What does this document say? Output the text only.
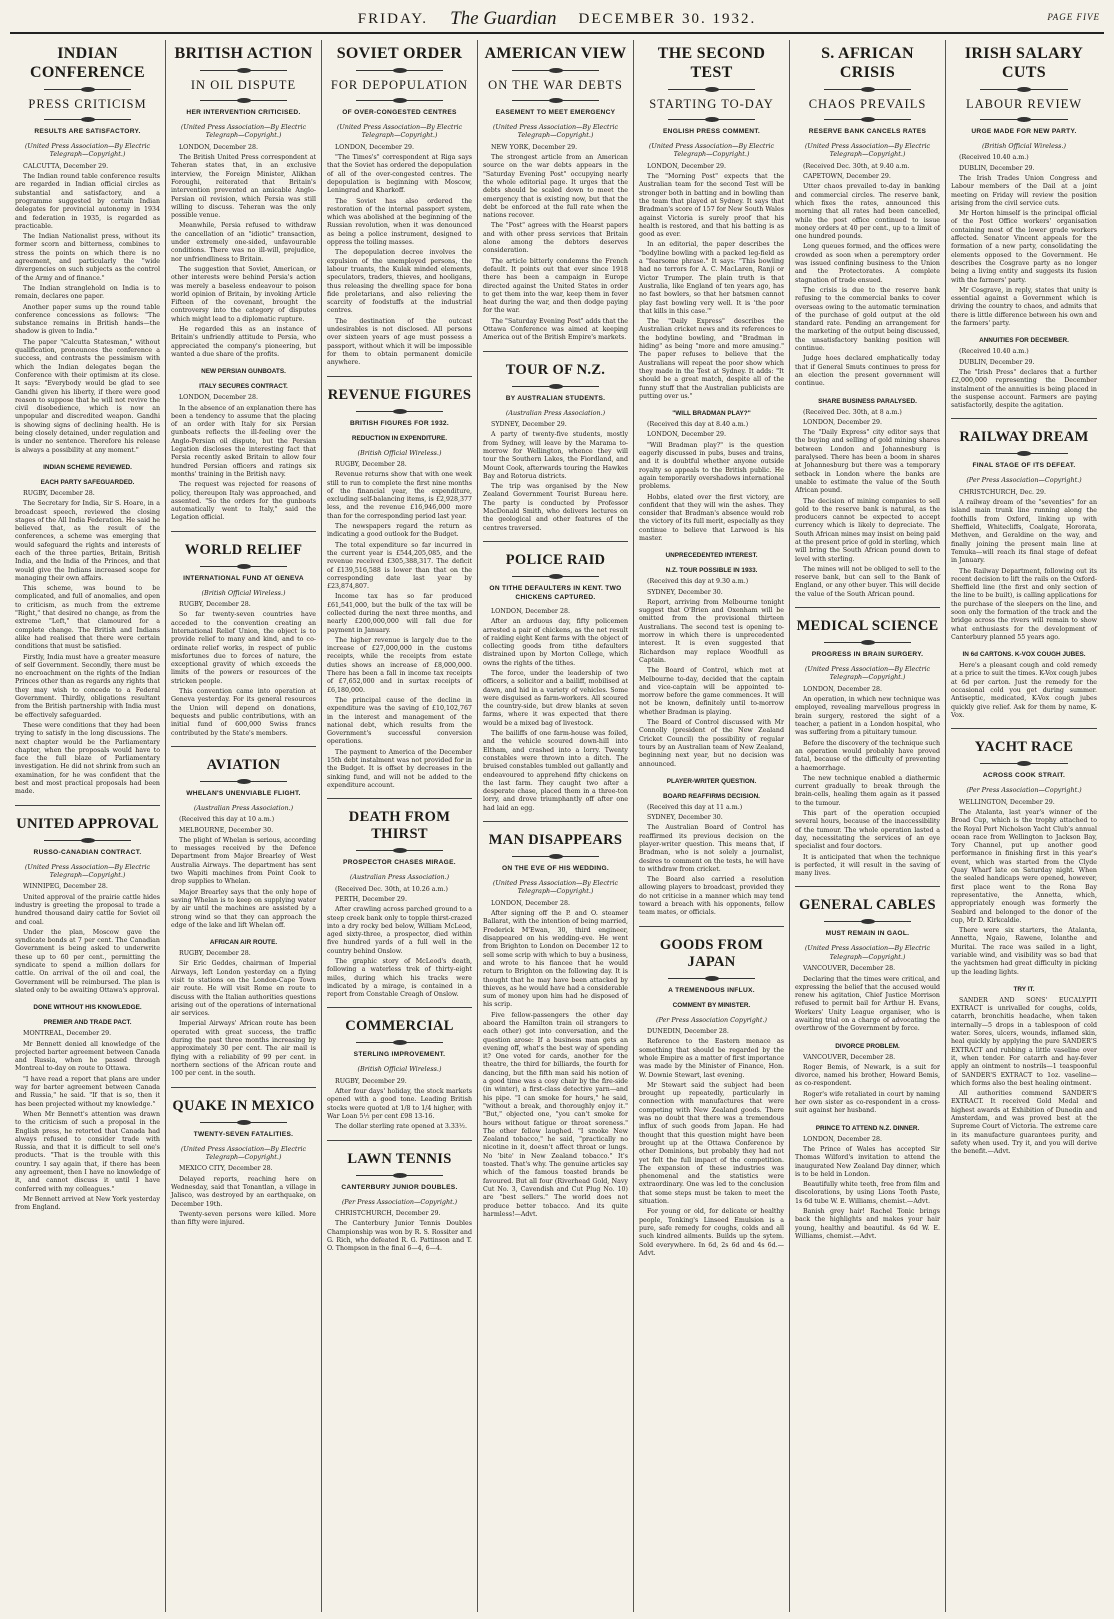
FRIDAY. The Guardian DECEMBER 30. 1932.	PAGE FIVE
INDIAN CONFERENCE
PRESS CRITICISM
RESULTS ARE SATISFACTORY.
(United Press Association—By Electric Telegraph—Copyright.)

CALCUTTA, December 29.

The Indian round table conference results are regarded in Indian official circles as substantial and satisfactory, and a programme suggested by certain Indian delegates for provincial autonomy in 1934 and federation in 1935, is regarded as practicable.

The Indian Nationalist press, without its former scorn and bitterness, combines to stress the points on which there is no agreement, and particularly the "wide divergencies on such subjects as the control of the Army and of finance."

The Indian stranglehold on India is to remain, declares one paper.

Another paper sums up the round table conference concessions as follows: "The substance remains in British hands—the shadow is given to India."

The paper "Calcutta Statesman," without qualification, pronounces the conference a success, and contrasts the pessimism with which the Indian delegates began the Conference with their optimism at its close. It says: "Everybody would be glad to see Gandhi given his liberty, if there were good reason to suppose that he will not revive the civil disobedience, which is now an unpopular and discredited weapon. Gandhi is showing signs of declining health. He is being closely detained, under regulation and is under no sentence. Therefore his release is always a possibility at any moment."

INDIAN SCHEME REVIEWED.
EACH PARTY SAFEGUARDED.

RUGBY, December 28.

The Secretary for India, Sir S. Hoare, in a broadcast speech, reviewed the closing stages of the All India Federation. He said he believed that, as the result of the conferences, a scheme was emerging that would safeguard the rights and interests of each of the three parties, Britain, British India, and the India of the Princes, and that would give the Indians increased scope for managing their own affairs.

This scheme, was bound to be complicated, and full of anomalies, and open to criticism, as much from the extreme "Right," that desired no change, as from the extreme "Left," that clamoured for a complete change. The British and Indians alike had realised that there were certain conditions that must be satisfied.

Firstly, India must have a greater measure of self Government. Secondly, there must be no encroachment on the rights of the Indian Princes other than as regards any rights that they may wish to concede to a Federal Government. Thirdly, obligations resultant from the British partnership with India must be effectively safeguarded.

These were conditions that they had been trying to satisfy in the long discussions. The next chapter would be the Parliamentary chapter, when the proposals would have to face the full blaze of Parliamentary investigation. He did not shrink from such an examination, for he was confident that the best and most practical proposals had been made.

UNITED APPROVAL
RUSSO-CANADIAN CONTRACT.
(United Press Association—By Electric Telegraph—Copyright.)

WINNIPEG, December 28.

United approval of the prairie cattle hides industry is greeting the proposal to trade a hundred thousand dairy cattle for Soviet oil and coal.

Under the plan, Moscow gave the syndicate bonds at 7 per cent. The Canadian Government is being asked to underwrite these up to 60 per cent., permitting the syndicate to spend a million dollars for cattle. On arrival of the oil and coal, the Government will be reimbursed. The plan is slated only to be awaiting Ottawa's approval.

DONE WITHOUT HIS KNOWLEDGE.
PREMIER AND TRADE PACT.

MONTREAL, December 29.

Mr Bennett denied all knowledge of the projected barter agreement between Canada and Russia, when he passed through Montreal to-day on route to Ottawa.

"I have read a report that plans are under way for barter agreement between Canada and Russia," he said. "If that is so, then it has been projected without my knowledge."

When Mr Bennett's attention was drawn to the criticism of such a proposal in the English press, he retorted that Canada had always refused to consider trade with Russia, and that it is difficult to sell one's products. "That is the trouble with this country. I say again that, if there has been any agreement, then I have no knowledge of it, and cannot discuss it until I have conferred with my colleagues."

Mr Bennett arrived at New York yesterday from England.

BRITISH ACTION
IN OIL DISPUTE
HER INTERVENTION CRITICISED.
(United Press Association—By Electric Telegraph—Copyright.)

LONDON, December 28.

The British United Press correspondent at Teheran states that, in an exclusive interview, the Foreign Minister, Alikhan Foroughi, reiterated that Britain's intervention prevented an amicable Anglo-Persian oil revision, which Persia was still willing to discuss. Teheran was the only possible venue.

Meanwhile, Persia refused to withdraw the cancellation of an "idiotic" transaction, under extremely one-sided, unfavourable conditions. There was no ill-will, prejudice, nor unfriendliness to Britain.

The suggestion that Soviet, American, or other interests were behind Persia's action was merely a baseless endeavour to poison world opinion of Britain, by invoking Article Fifteen of the covenant, brought the controversy into the category of disputes which might lead to a diplomatic rupture.

He regarded this as an instance of Britain's unfriendly attitude to Persia, who appreciated the company's pioneering, but wanted a due share of the profits.

NEW PERSIAN GUNBOATS.
ITALY SECURES CONTRACT.

LONDON, December 28.

In the absence of an explanation there has been a tendency to assume that the placing of an order with Italy for six Persian gunboats reflects the ill-feeling over the Anglo-Persian oil dispute, but the Persian Legation discloses the interesting fact that Persia recently asked Britain to allow four hundred Persian officers and ratings six months' training in the British navy.

The request was rejected for reasons of policy, thereupon Italy was approached, and assented. "So the orders for the gunboats automatically went to Italy," said the Legation official.

WORLD RELIEF
INTERNATIONAL FUND AT GENEVA
(British Official Wireless.)

RUGBY, December 28.

So far twenty-seven countries have acceded to the convention creating an International Relief Union, the object is to provide relief to many and kind, and to co-ordinate relief works, in respect of public misfortunes due to forces of nature, the exceptional gravity of which exceeds the limits of the powers or resources of the stricken people.

This convention came into operation at Geneva yesterday. For its general resources the Union will depend on donations, bequests and public contributions, with an initial fund of 600,000 Swiss francs contributed by the State's members.

AVIATION
WHELAN'S UNENVIABLE FLIGHT.
(Australian Press Association.)

(Received this day at 10 a.m.)

MELBOURNE, December 30.

The plight of Whelan is serious, according to messages received by the Defence Department from Major Brearley of West Australia Airways. The department has sent two Wapiti machines from Point Cook to drop supplies to Whelan.

Major Brearley says that the only hope of saving Whelan is to keep on supplying water by air until the machines are assisted by a strong wind so that they can approach the edge of the lake and lift Whelan off.

AFRICAN AIR ROUTE.

RUGBY, December 28.

Sir Eric Geddes, chairman of Imperial Airways, left London yesterday on a flying visit to stations on the London-Cape Town air route. He will visit Rome en route to discuss with the Italian authorities questions arising out of the operations of international air services.

Imperial Airways' African route has been operated with great success, the traffic during the past three months increasing by approximately 30 per cent. The air mail is flying with a reliability of 99 per cent. in northern sections of the African route and 100 per cent. in the south.

QUAKE IN MEXICO
TWENTY-SEVEN FATALITIES.
(United Press Association—By Electric Telegraph—Copyright.)

MEXICO CITY, December 28.

Delayed reports, reaching here on Wednesday, said that Tonantlan, a village in Jalisco, was destroyed by an earthquake, on December 19th.

Twenty-seven persons were killed. More than fifty were injured.

SOVIET ORDER
FOR DEPOPULATION
OF OVER-CONGESTED CENTRES
(United Press Association—By Electric Telegraph—Copyright.)

LONDON, December 29.

"The Times's" correspondent at Riga says that the Soviet has ordered the depopulation of all of the over-congested centres. The depopulation is beginning with Moscow, Leningrad and Kharkoff.

The Soviet has also ordered the restoration of the internal passport system, which was abolished at the beginning of the Russian revolution, when it was denounced as being a police instrument, designed to oppress the toiling masses.

The depopulation decree involves the expulsion of the unemployed persons, the labour truants, the Kulak minded elements, speculators, traders, thieves, and hooligans, thus releasing the dwelling space for bona fide proletarians, and also relieving the scarcity of foodstuffs at the industrial centres.

The destination of the outcast undesirables is not disclosed. All persons over sixteen years of age must possess a passport, without which it will be impossible for them to obtain permanent domicile anywhere.

REVENUE FIGURES
BRITISH FIGURES FOR 1932.
REDUCTION IN EXPENDITURE.
(British Official Wireless.)

RUGBY, December 28.

Revenue returns show that with one week still to run to complete the first nine months of the financial year, the expenditure, excluding self-balancing items, is £2,928,377 less, and the revenue £16,946,000 more than for the corresponding period last year.

The newspapers regard the return as indicating a good outlook for the Budget.

The total expenditure so far incurred in the current year is £544,205,085, and the revenue received £305,388,317. The deficit of £139,516,588 is lower than that on the corresponding date last year by £23,874,807.

Income tax has so far produced £61,541,000, but the bulk of the tax will be collected during the next three months, and nearly £200,000,000 will fall due for payment in January.

The higher revenue is largely due to the increase of £27,000,000 in the customs receipts, while the receipts from estate duties shows an increase of £8,000,000. There has been a fall in income tax receipts of £7,652,000 and in surtax receipts of £6,180,000.

The principal cause of the decline in expenditure was the saving of £10,102,767 in the interest and management of the national debt, which results from the Government's successful conversion operations.

The payment to America of the December 15th debt instalment was not provided for in the Budget. It is offset by decreases in the sinking fund, and will not be added to the expenditure account.

DEATH FROM THIRST
PROSPECTOR CHASES MIRAGE.
(Australian Press Association.)

(Received Dec. 30th, at 10.26 a.m.)

PERTH, December 29.

After crawling across parched ground to a steep creek bank only to topple thirst-crazed into a dry rocky bed below, William McLeod, aged sixty-three, a prospector, died within five hundred yards of a full well in the country behind Onslow.

The graphic story of McLeod's death, following a waterless trek of thirty-eight miles, during which his tracks were indicated by a mirage, is contained in a report from Constable Creagh of Onslow.

COMMERCIAL
STERLING IMPROVEMENT.
(British Official Wireless.)

RUGBY, December 29.

After four days' holiday, the stock markets opened with a good tone. Leading British stocks were quoted at 1/8 to 1/4 higher, with War Loan 5½ per cent £98 13-16.

The dollar sterling rate opened at 3.33½.

LAWN TENNIS
CANTERBURY JUNIOR DOUBLES.
(Per Press Association—Copyright.)

CHRISTCHURCH, December 29.

The Canterbury Junior Tennis Doubles Championship was won by R. S. Rossiter and G. Rich, who defeated R. G. Pattinson and T. O. Thompson in the final 6—4, 6—4.

AMERICAN VIEW
ON THE WAR DEBTS
EASEMENT TO MEET EMERGENCY
(United Press Association—By Electric Telegraph—Copyright.)

NEW YORK, December 29.

The strongest article from an American source on the war debts appears in the "Saturday Evening Post" occupying nearly the whole editorial page. It urges that the debts should be scaled down to meet the emergency that is existing now, but that the debt be enforced at the full rate when the nations recover.

The "Post" agrees with the Hearst papers and with other press services that Britain alone among the debtors deserves consideration.

The article bitterly condemns the French default. It points out that ever since 1918 there has been a campaign in Europe directed against the United States in order to get them into the war, keep them in fever heat during the war, and then dodge paying for the war.

The "Saturday Evening Post" adds that the Ottawa Conference was aimed at keeping America out of the British Empire's markets.

TOUR OF N.Z.
BY AUSTRALIAN STUDENTS.
(Australian Press Association.)

SYDNEY, December 29.

A party of twenty-five students, mostly from Sydney, will leave by the Marama to-morrow for Wellington, whence they will tour the Southern Lakes, the Fiordland, and Mount Cook, afterwards touring the Hawkes Bay and Rotorua districts.

The trip was organised by the New Zealand Government Tourist Bureau here. The party is conducted by Professor MacDonald Smith, who delivers lectures on the geological and other features of the centres traversed.

POLICE RAID
ON TITHE DEFAULTERS IN KENT. TWO CHICKENS CAPTURED.

LONDON, December 28.

After an arduous day, fifty policemen arrested a pair of chickens, as the net result of raiding eight Kent farms with the object of collecting goods from tithe defaulters distrained upon by Morton College, which owns the rights of the tithes.

The force, under the leadership of two officers, a solicitor and a bailiff, mobilised at dawn, and hid in a variety of vehicles. Some were disguised as farm-workers. All scoured the country-side, but drew blanks at seven farms, where it was expected that there would be a mixed bag of livestock.

The bailiffs of one farm-house was foiled, and the vehicle scoured down-hill into Eltham, and crashed into a lorry. Twenty constables were thrown into a ditch. The bruised constables tumbled out gallantly and endeavoured to apprehend fifty chickens on the last farm. They caught two after a desperate chase, placed them in a three-ton lorry, and drove triumphantly off after one had laid an egg.

MAN DISAPPEARS
ON THE EVE OF HIS WEDDING.
(United Press Association—By Electric Telegraph—Copyright.)

LONDON, December 28.

After signing off the P. and O. steamer Ballarat, with the intention of being married, Frederick M'Ewan, 30, third engineer, disappeared on his wedding-eve. He went from Brighton to London on December 12 to sell some scrip with which to buy a business, and wrote to his fiancee that he would return to Brighton on the following day. It is thought that he may have been attacked by thieves, as he would have had a considerable sum of money upon him had he disposed of his scrip.

Five fellow-passengers the other day aboard the Hamilton train oil strangers to each other) got into conversation, and the question arose: If a business man gets an evening off, what's the best way of spending it? One voted for cards, another for the theatre, the third for billiards, the fourth for dancing, but the fifth man said his notion of a good time was a cosy chair by the fire-side (in winter), a first-class detective yarn—and his pipe. "I can smoke for hours," he said, "without a break, and thoroughly enjoy it." "But," objected one, "you can't smoke for hours without fatigue or throat soreness." The other fellow laughed. "I smoke New Zealand tobacco," he said, "practically no nicotine in it, doesn't affect throat or lungs. No 'bite' in New Zealand tobacco." It's toasted. That's why. The genuine articles say which of the famous toasted brands be favoured. But all four (Riverhead Gold, Navy Cut No. 3, Cavendish and Cut Plug No. 10) are "best sellers." The world does not produce better tobacco. And its quite harmless!—Advt.

THE SECOND TEST
STARTING TO-DAY
ENGLISH PRESS COMMENT.
(United Press Association—By Electric Telegraph—Copyright.)

LONDON, December 29.

The "Morning Post" expects that the Australian team for the second Test will be stronger both in batting and in bowling than the team that played at Sydney. It says that Bradman's score of 157 for New South Wales against Victoria is surely proof that his health is restored, and that his batting is as good as ever.

In an editorial, the paper describes the "bodyline bowling with a packed leg-field as a "fearsome phrase." It says: "This bowling had no terrors for A. C. MacLaren, Ranji or Victor Trumper. The plain truth is that Australia, like England of ten years ago, has no fast bowlers, so that her batsmen cannot play fast bowling very well. It is 'the poor that kills in this case.'"

The "Daily Express" describes the Australian cricket news and its references to the bodyline bowling, and "Bradman in hiding" as being "more and more amusing." The paper refuses to believe that the Australians will repeat the poor show which they made in the Test at Sydney. It adds: "It should be a great match, despite all of the funny stuff that the Australian publicists are putting over us."

"WILL BRADMAN PLAY?"

(Received this day at 8.40 a.m.)

LONDON, December 29.

"Will Bradman play?" is the question eagerly discussed in pubs, buses and trains, and it is doubtful whether anyone outside royalty so appeals to the British public. He again temporarily overshadows international problems.

Hobbs, elated over the first victory, are confident that they will win the ashes. They consider that Bradman's absence would rob the victory of its full merit, especially as they continue to believe that Larwood is his master.

UNPRECEDENTED INTEREST.
N.Z. TOUR POSSIBLE IN 1933.

(Received this day at 9.30 a.m.)

SYDNEY, December 30.

Report, arriving from Melbourne tonight suggest that O'Brien and Oxenham will be omitted from the provisional thirteen Australians. The second test is opening to-morrow in which there is unprecedented interest. It is even suggested that Richardson may replace Woodfull as Captain.

The Board of Control, which met at Melbourne to-day, decided that the captain and vice-captain will be appointed to-morrow before the game commences. It will not be known, definitely until to-morrow whether Bradman is playing.

The Board of Control discussed with Mr Connolly (president of the New Zealand Cricket Council) the possibility of regular tours by an Australian team of New Zealand, beginning next year, but no decision was announced.

PLAYER-WRITER QUESTION.
BOARD REAFFIRMS DECISION.

(Received this day at 11 a.m.)

SYDNEY, December 30.

The Australian Board of Control has reaffirmed its previous decision on the player-writer question. This means that, if Bradman, who is not solely a journalist, desires to comment on the tests, he will have to withdraw from cricket.

The Board also carried a resolution allowing players to broadcast, provided they do not criticise in a manner which may tend toward a breach with his opponents, fellow team mates, or officials.

GOODS FROM JAPAN
A TREMENDOUS INFLUX.
COMMENT BY MINISTER.
(Per Press Association Copyright.)

DUNEDIN, December 28.

Reference to the Eastern menace as something that should be regarded by the whole Empire as a matter of first importance was made by the Minister of Finance, Hon. W. Downie Stewart, last evening.

Mr Stewart said the subject had been brought up repeatedly, particularly in connection with manufactures that were competing with New Zealand goods. There was no doubt that there was a tremendous influx of such goods from Japan. He had thought that this question might have been brought up at the Ottawa Conference by other Dominions, but probably they had not yet felt the full impact of the competition. The expansion of these industries was phenomenal and the statistics were extraordinary. One was led to the conclusion that some steps must be taken to meet the situation.

For young or old, for delicate or healthy people, Tonking's Linseed Emulsion is a pure, safe remedy for coughs, colds and all such kindred ailments. Builds up the sytem. Sold everywhere. In 6d, 2s 6d and 4s 6d.—Advt.

S. AFRICAN CRISIS
CHAOS PREVAILS
RESERVE BANK CANCELS RATES
(United Press Association—By Electric Telegraph—Copyright.)

(Received Dec. 30th, at 9.40 a.m.

CAPETOWN, December 29.

Utter chaos prevailed to-day in banking and commercial circles. The reserve bank, which fixes the rates, announced this morning that all rates had been cancelled, while the post office continued to issue money orders at 40 per cent., up to a limit of one hundred pounds.

Long queues formed, and the offices were crowded as soon when a peremptory order was issued confining business to the Union and the Protectorates. A complete stagnation of trade ensued.

The crisis is due to the reserve bank refusing to the commercial banks to cover overseas owing to the automatic termination of the purchase of gold output at the old standard rate. Pending an arrangement for the marketing of the output being discussed, the unsatisfactory banking position will continue.

Judge hoes declared emphatically today that if General Smuts continues to press for an election the present government will continue.

SHARE BUSINESS PARALYSED.

(Received Dec. 30th, at 8 a.m.)

LONDON, December 29.

The "Daily Express" city editor says that the buying and selling of gold mining shares between London and Johannesburg is paralysed. There has been a boom in shares at Johannesburg but there was a temporary setback in London where the banks are unable to estimate the value of the South African pound.

The decision of mining companies to sell gold to the reserve bank is natural, as the producers cannot be expected to accept currency which is likely to depreciate. The South African mines may insist on being paid at the present price of gold in sterling, which will bring the South African pound down to level with sterling.

The mines will not be obliged to sell to the reserve bank, but can sell to the Bank of England, or any other buyer. This will decide the value of the South African pound.

MEDICAL SCIENCE
PROGRESS IN BRAIN SURGERY.
(United Press Association—By Electric Telegraph—Copyright.)

LONDON, December 28.

An operation, in which new technique was employed, revealing marvellous progress in brain surgery, restored the sight of a teacher, a patient in a London hospital, who was suffering from a pituitary tumour.

Before the discovery of the technique such an operation would probably have proved fatal, because of the difficulty of preventing a haemorrhage.

The new technique enabled a diathermic current gradually to break through the brain-cells, healing them again as it passed to the tumour.

This part of the operation occupied several hours, because of the inaccessibility of the tumour. The whole operation lasted a day, necessitating the services of an eye specialist and four doctors.

It is anticipated that when the technique is perfected, it will result in the saving of many lives.

GENERAL CABLES
MUST REMAIN IN GAOL.
(United Press Association—By Electric Telegraph—Copyright.)

VANCOUVER, December 28.

Declaring that the times were critical, and expressing the belief that the accused would renew his agitation, Chief Justice Morrison refused to permit bail for Arthur H. Evans, Workers' Unity League organiser, who is awaiting trial on a charge of advocating the overthrow of the Government by force.

DIVORCE PROBLEM.

VANCOUVER, December 28.

Roger Bemis, of Newark, is a suit for divorce, named his brother, Howard Bemis, as co-respondent.

Roger's wife retaliated in court by naming her own sister as co-respondent in a cross-suit against her husband.

PRINCE TO ATTEND N.Z. DINNER.

LONDON, December 28.

The Prince of Wales has accepted Sir Thomas Wilford's invitation to attend the inaugurated New Zealand Day dinner, which is to be held in London.

Beautifully white teeth, free from film and discolorations, by using Lions Tooth Paste, 1s 6d tube W. E. Williams, chemist.—Advt.

Banish grey hair! Rachel Tonic brings back the highlights and makes your hair young, healthy and beautiful. 4s 6d W. E. Williams, chemist.—Advt.

IRISH SALARY CUTS
LABOUR REVIEW
URGE MADE FOR NEW PARTY.
(British Official Wireless.)

(Received 10.40 a.m.)

DUBLIN, December 29.

The Irish Trades Union Congress and Labour members of the Dail at a joint meeting on Friday will review the position arising from the civil service cuts.

Mr Horton himself is the principal official of the Post Office workers' organisation containing most of the lower grade workers affected. Senator Vincent appeals for the formation of a new party, consolidating the elements opposed to the Government. He describes the Cosgrave party as no longer being a living entity and suggests its fusion with the farmers' party.

Mr Cosgrave, in reply, states that unity is essential against a Government which is driving the country to chaos, and admits that there is little difference between his own and the farmers' party.

ANNUITIES FOR DECEMBER.

(Received 10.40 a.m.)

DUBLIN, December 29.

The "Irish Press" declares that a further £2,000,000 representing the December instalment of the annuities is being placed in the suspense account. Farmers are paying satisfactorily, despite the agitation.

RAILWAY DREAM
FINAL STAGE OF ITS DEFEAT.
(Per Press Association—Copyright.)

CHRISTCHURCH, Dec. 29.

A railway dream of the "seventies" for an island main trunk line running along the foothills from Oxford, linking up with Sheffield, Whitecliffs, Coalgate, Hororata, Methven, and Geraldine on the way, and finally joining the present main line at Temuka—will reach its final stage of defeat in January.

The Railway Department, following out its recent decision to lift the rails on the Oxford-Sheffield line (the first and only section of the line to be built), is calling applications for the purchase of the sleepers on the line, and soon only the formation of the track and the bridge across the rivers will remain to show what enthusiasts for the development of Canterbury planned 55 years ago.

IN 6d CARTONS. K-VOX COUGH JUBES.

Here's a pleasant cough and cold remedy at a price to suit the times. K-Vox cough jubes at 6d per carton. Just the remedy for the occasional cold you get during summer. Antiseptic, medicated, K-Vox cough jubes quickly give relief. Ask for them by name, K-Vox.

YACHT RACE
ACROSS COOK STRAIT.
(Per Press Association—Copyright.)

WELLINGTON, December 29.

The Atalanta, last year's winner of the Broad Cup, which is the trophy attached to the Royal Port Nicholson Yacht Club's annual ocean race from Wellington to Jackson Bay, Tory Channel, put up another good performance in finishing first in this year's event, which was started from the Clyde Quay Wharf late on Saturday night. When the sealed handicaps were opened, however, first place went to the Rona Bay representative, the Annetta, which, appropriately enough was formerly the Seabird and belonged to the donor of the cup, Mr D. Kirkcaldie.

There were six starters, the Atalanta, Annetta, Ngaio, Rawene, Iolanthe and Muritai. The race was sailed in a light, variable wind, and visibility was so bad that the yachtsmen had great difficulty in picking up the leading lights.

TRY IT.

SANDER AND SONS' EUCALYPTI EXTRACT is unrivalled for coughs, colds, catarrh, bronchitis headache, when taken internally—5 drops in a tablespoon of cold water. Sores, ulcers, wounds, inflamed skin, heal quickly by applying the pure SANDER'S EXTRACT and rubbing a little vaseline over it, when tender. For catarrh and hay-fever apply an ointment to nostrils—1 teaspoonful of SANDER'S EXTRACT to 1oz. vaseline—which forms also the best healing ointment.

All authorities commend SANDER'S EXTRACT. It received Gold Medal and highest awards at Exhibition of Dunedin and Amsterdam, and was proved best at the Supreme Court of Victoria. The extreme care in its manufacture guarantees purity, and safety when used. Try it, and you will derive the benefit.—Advt.
